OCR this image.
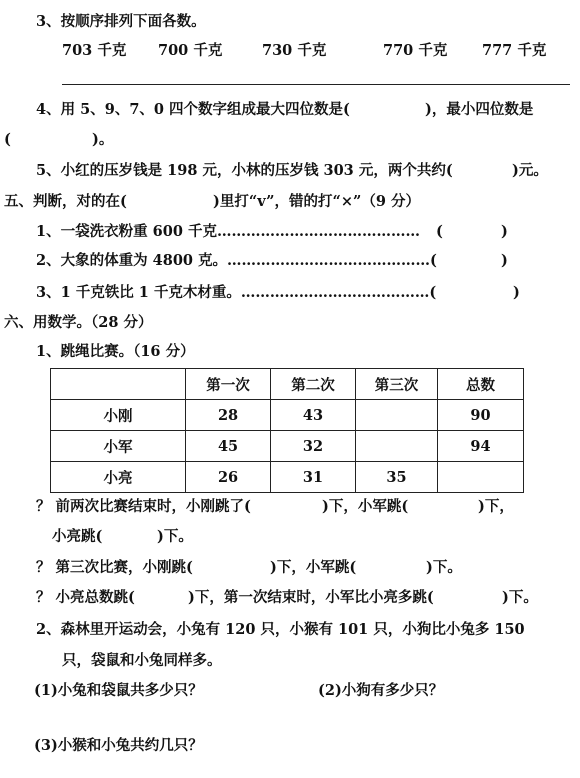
3、按顺序排列下面各数。
703 千克 700 千克	730 千克	770 千克 777 千克
4、用 5、9、7、0 四个数字组成最大四位数是(	)，最小四位数是
(	)。
5、小红的压岁钱是 198 元，小林的压岁钱 303 元，两个共约(	)元。
五、判断，对的在(	)里打“v”，错的打“×”（9 分）
1、一袋洗衣粉重 600 千克…………………………………… (	)
2、大象的体重为 4800 克。……………………………………(	)
3、1 千克铁比 1 千克木材重。…………………………………(	)
六、用数学。（28 分）
1、跳绳比赛。（16 分）
	第一次	第二次	第三次	总数
小刚	28	43		90
小军	45	32		94
小亮	26	31	35	
？ 前两次比赛结束时，小刚跳了(	)下，小军跳(	)下，
小亮跳(	)下。
？ 第三次比赛，小刚跳(	)下，小军跳(	)下。
？ 小亮总数跳(	)下，第一次结束时，小军比小亮多跳(	)下。
2、森林里开运动会，小兔有 120 只，小猴有 101 只，小狗比小兔多 150
只，袋鼠和小兔同样多。
(1)小兔和袋鼠共多少只？	(2)小狗有多少只？
(3)小猴和小兔共约几只？
